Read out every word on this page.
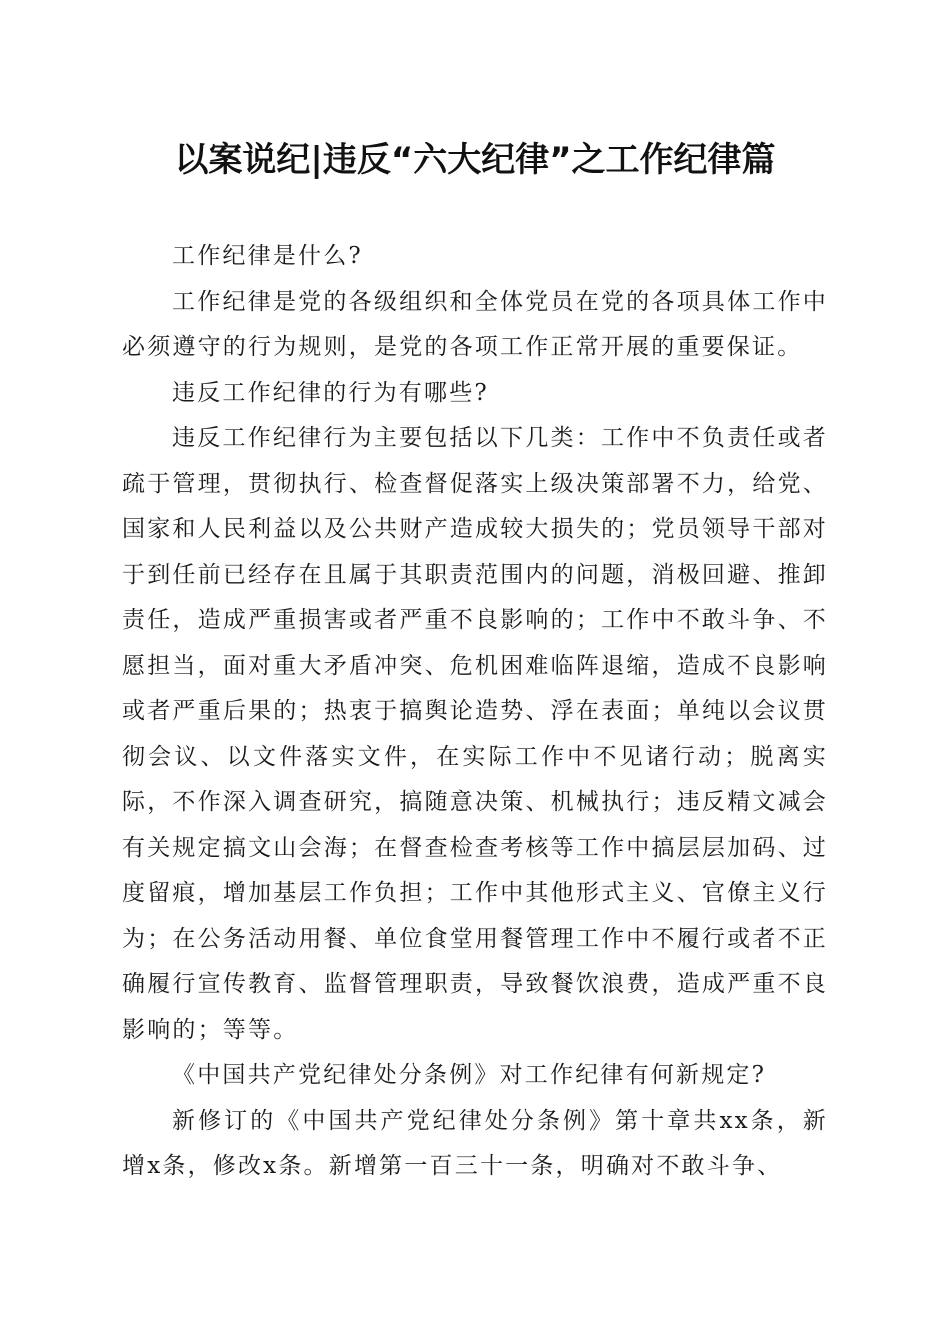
以案说纪|违反“六大纪律”之工作纪律篇

工作纪律是什么?

工作纪律是党的各级组织和全体党员在党的各项具体工作中必须遵守的行为规则，是党的各项工作正常开展的重要保证。

违反工作纪律的行为有哪些?

违反工作纪律行为主要包括以下几类：工作中不负责任或者疏于管理，贯彻执行、检查督促落实上级决策部署不力，给党、国家和人民利益以及公共财产造成较大损失的；党员领导干部对于到任前已经存在且属于其职责范围内的问题，消极回避、推卸责任，造成严重损害或者严重不良影响的；工作中不敢斗争、不愿担当，面对重大矛盾冲突、危机困难临阵退缩，造成不良影响或者严重后果的；热衷于搞舆论造势、浮在表面；单纯以会议贯彻会议、以文件落实文件，在实际工作中不见诸行动；脱离实际，不作深入调查研究，搞随意决策、机械执行；违反精文减会有关规定搞文山会海；在督查检查考核等工作中搞层层加码、过度留痕，增加基层工作负担；工作中其他形式主义、官僚主义行为；在公务活动用餐、单位食堂用餐管理工作中不履行或者不正确履行宣传教育、监督管理职责，导致餐饮浪费，造成严重不良影响的；等等。

《中国共产党纪律处分条例》对工作纪律有何新规定?

新修订的《中国共产党纪律处分条例》第十章共xx条，新增x条，修改x条。新增第一百三十一条，明确对不敢斗争、
